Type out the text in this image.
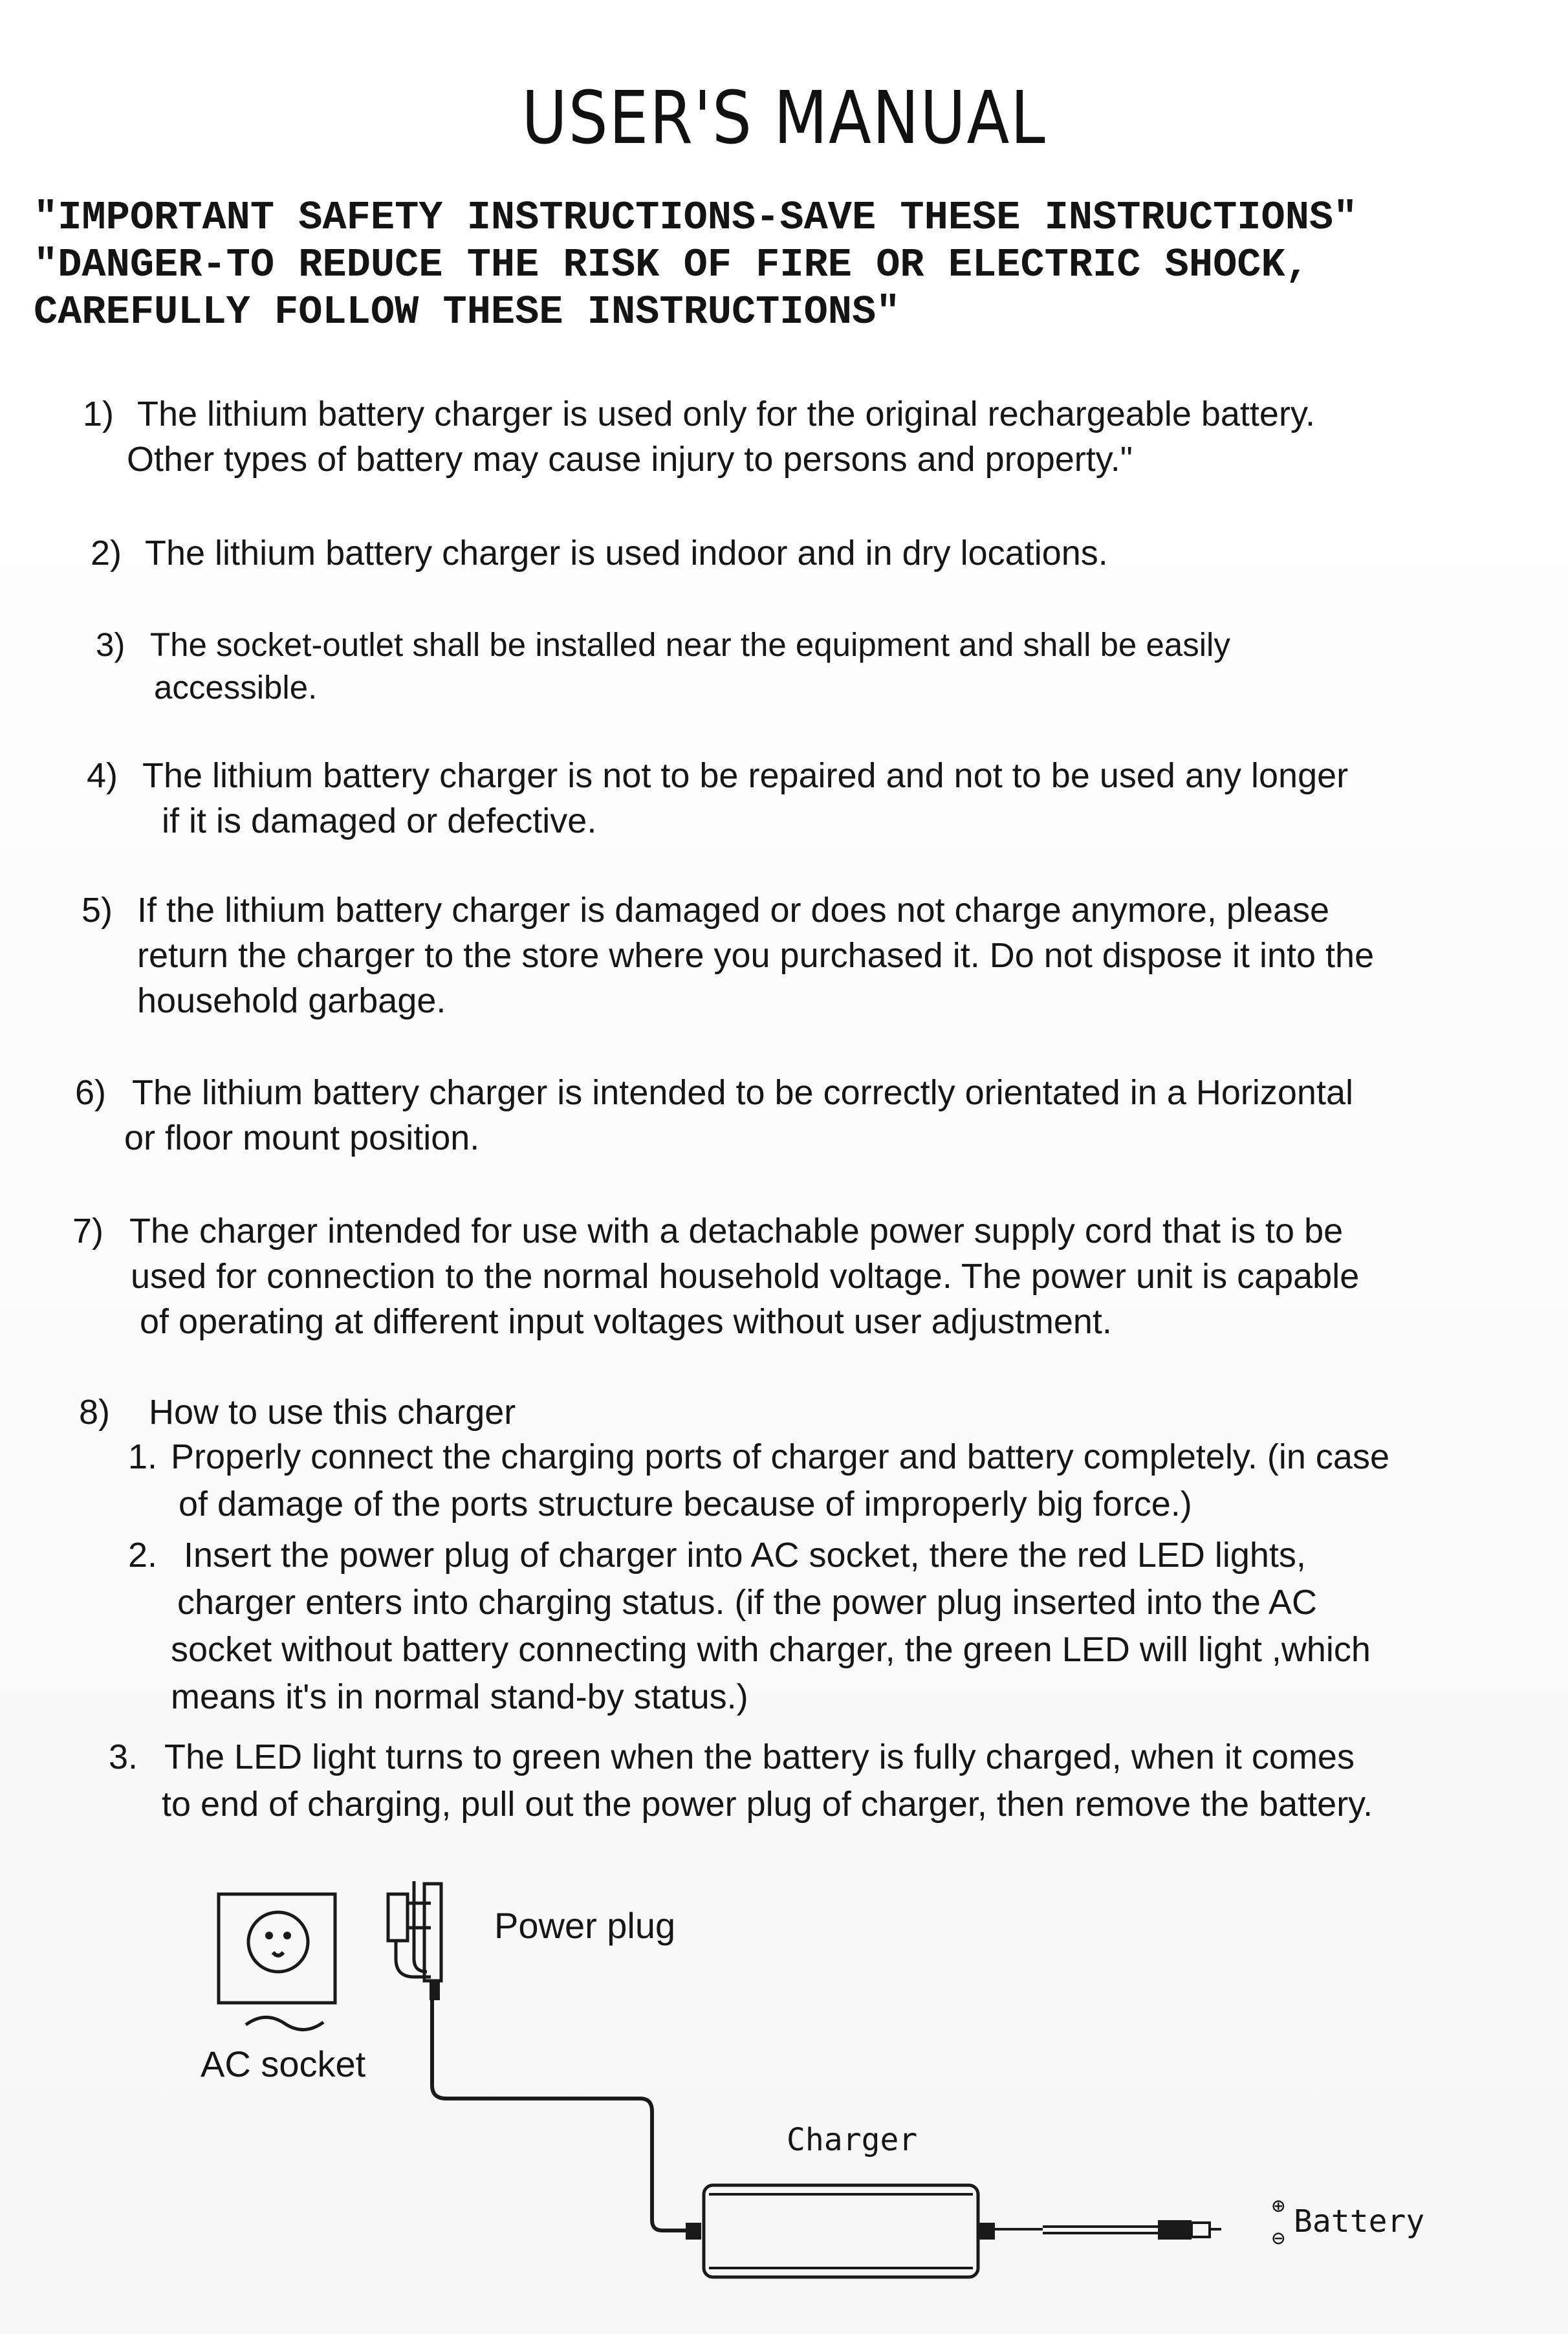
USER'S MANUAL
"IMPORTANT SAFETY INSTRUCTIONS-SAVE THESE INSTRUCTIONS"
"DANGER-TO REDUCE THE RISK OF FIRE OR ELECTRIC SHOCK,
CAREFULLY FOLLOW THESE INSTRUCTIONS"
1) The lithium battery charger is used only for the original rechargeable battery.
Other types of battery may cause injury to persons and property."
2) The lithium battery charger is used indoor and in dry locations.
3) The socket-outlet shall be installed near the equipment and shall be easily
accessible.
4) The lithium battery charger is not to be repaired and not to be used any longer
if it is damaged or defective.
5) If the lithium battery charger is damaged or does not charge anymore, please
return the charger to the store where you purchased it. Do not dispose it into the
household garbage.
6) The lithium battery charger is intended to be correctly orientated in a Horizontal
or floor mount position.
7) The charger intended for use with a detachable power supply cord that is to be
used for connection to the normal household voltage. The power unit is capable
of operating at different input voltages without user adjustment.
8) How to use this charger
1. Properly connect the charging ports of charger and battery completely. (in case
of damage of the ports structure because of improperly big force.)
2. Insert the power plug of charger into AC socket, there the red LED lights,
charger enters into charging status. (if the power plug inserted into the AC
socket without battery connecting with charger, the green LED will light ,which
means it's in normal stand-by status.)
3. The LED light turns to green when the battery is fully charged, when it comes
to end of charging, pull out the power plug of charger, then remove the battery.
Power plug
AC socket
Charger
⊕
⊖ Battery
